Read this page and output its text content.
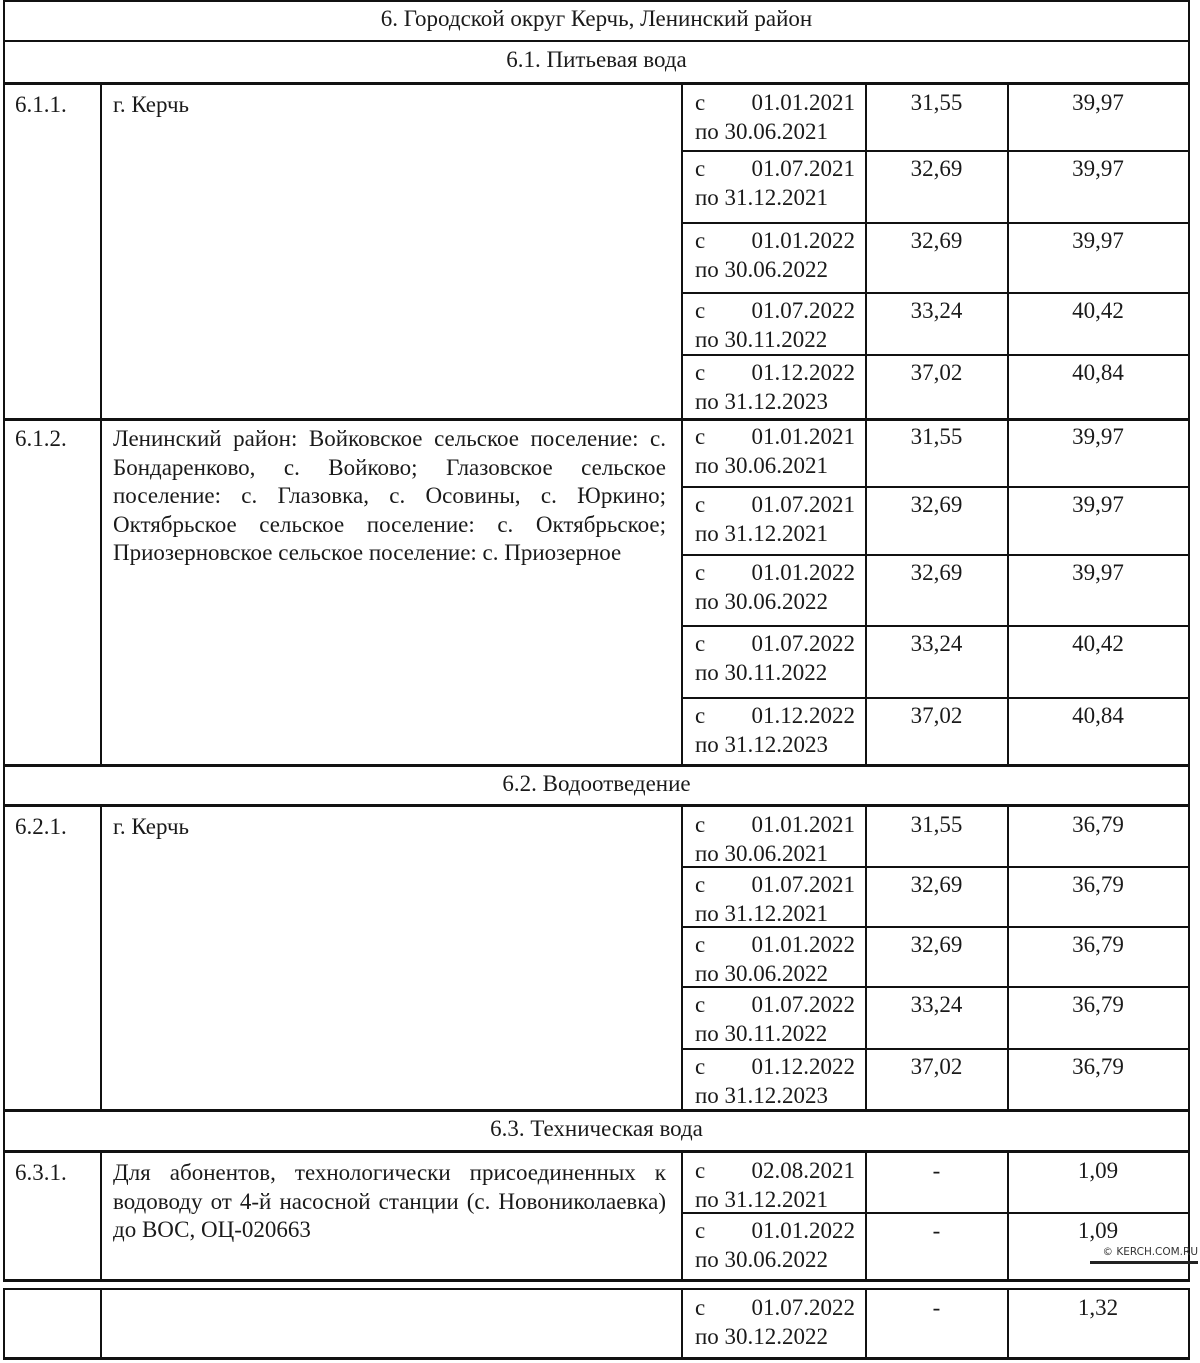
6. Городской округ Керчь, Ленинский район
6.1. Питьевая вода
6.1.1.	г. Керчь	с 01.01.2021
по 30.06.2021
31,55	39,97
с 01.07.2021
по 31.12.2021
32,69	39,97
с 01.01.2022
по 30.06.2022
32,69	39,97
с 01.07.2022
по 30.11.2022
33,24	40,42
с 01.12.2022
по 31.12.2023
37,02	40,84
6.1.2.	Ленинский район: Войковское сельское поселение: с. Бондаренково, с. Войково; Глазовское сельское поселение: с. Глазовка, с. Осовины, с. Юркино; Октябрьское сельское поселение: с. Октябрьское; Приозерновское сельское поселение: с. Приозерное
с 01.01.2021
по 30.06.2021
31,55	39,97
с 01.07.2021
по 31.12.2021
32,69	39,97
с 01.01.2022
по 30.06.2022
32,69	39,97
с 01.07.2022
по 30.11.2022
33,24	40,42
с 01.12.2022
по 31.12.2023
37,02	40,84
6.2. Водоотведение
6.2.1.	г. Керчь	с 01.01.2021
по 30.06.2021
31,55	36,79
с 01.07.2021
по 31.12.2021
32,69	36,79
с 01.01.2022
по 30.06.2022
32,69	36,79
с 01.07.2022
по 30.11.2022
33,24	36,79
с 01.12.2022
по 31.12.2023
37,02	36,79
6.3. Техническая вода
6.3.1.	Для абонентов, технологически присоединенных к водоводу от 4-й насосной станции (с. Новониколаевка) до ВОС, ОЦ-020663
с 02.08.2021
по 31.12.2021
-	1,09
с 01.01.2022
по 30.06.2022
-	1,09
с 01.07.2022
по 30.12.2022
-	1,32
© KERCH.COM.RU
